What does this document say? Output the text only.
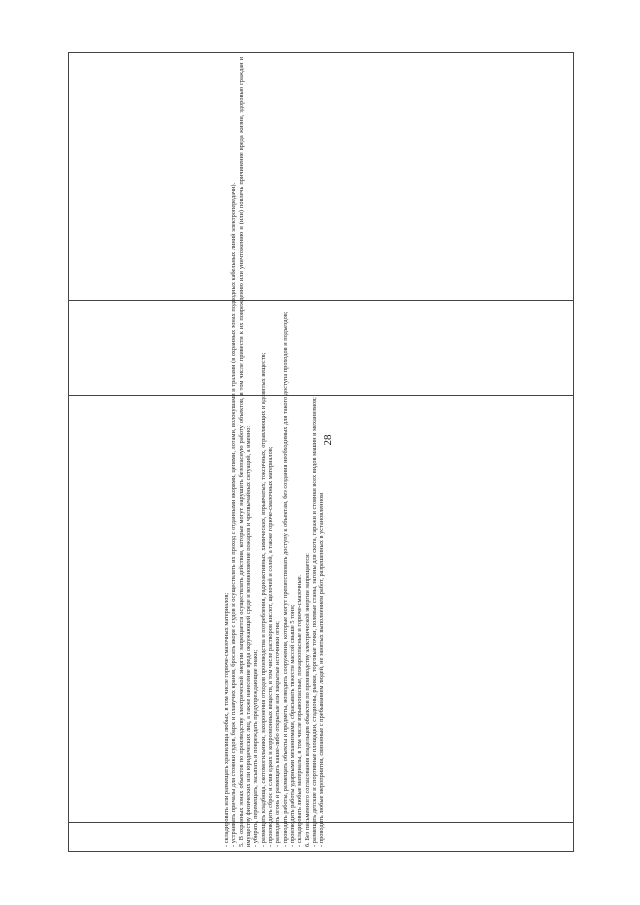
28

- складировать или размещать хранилища любых, в том числе горюче-смазочных материалов; - устраивать причалы для стоянки судов, барж и плавучих кранов, бросать якоря с судов и осуществлять их проход с отданными якорями, цепями, лотами, волокушами и тралами (в охранных зонах подводных кабельных линий электропередачи). 5. В охранных зонах объектов по производству электрической энергии запрещается осуществлять действия, которые могут нарушить безопасную работу объектов, в том числе привести к их повреждению или уничтожению и (или) повлечь причинение вреда жизни, здоровью граждан и имуществу физических или юридических лиц, а также нанесение вреда окружающей среде и возникновение пожаров и чрезвычайных ситуаций, а именно: - убирать, перемещать, засыпать и повреждать предупреждающие знаки; - размещать кладбища, скотомогильники, захоронения отходов производства и потребления, радиоактивных, химических, взрывчатых, токсичных, отравляющих и ядовитых веществ; - производить сброс и слив едких и коррозионных веществ, в том числе растворов кислот, щелочей и солей, а также горюче-смазочных материалов; - разводить огонь и размещать какие-либо открытые или закрытые источники огня; - проводить работы, размещать объекты и предметы, возводить сооружения, которые могут препятствовать доступу к объектам, без создания необходимых для такого доступа проходов и подъездов; - производить работы ударными механизмами, сбрасывать тяжести массой свыше 5 тонн; - складировать любые материалы, в том числе взрывоопасные, пожароопасные и горюче-смазочные. 6. Без письменного согласования владельцев объектов по производству электрической энергии запрещается: - размещать детские и спортивные площадки, стадионы, рынки, торговые точки, полевые станы, загоны для скота, гаражи и стоянки всех видов машин и механизмов; - проводить любые мероприятия, связанные с пребыванием людей, не занятых выполнением работ, разрешенных в установленном
